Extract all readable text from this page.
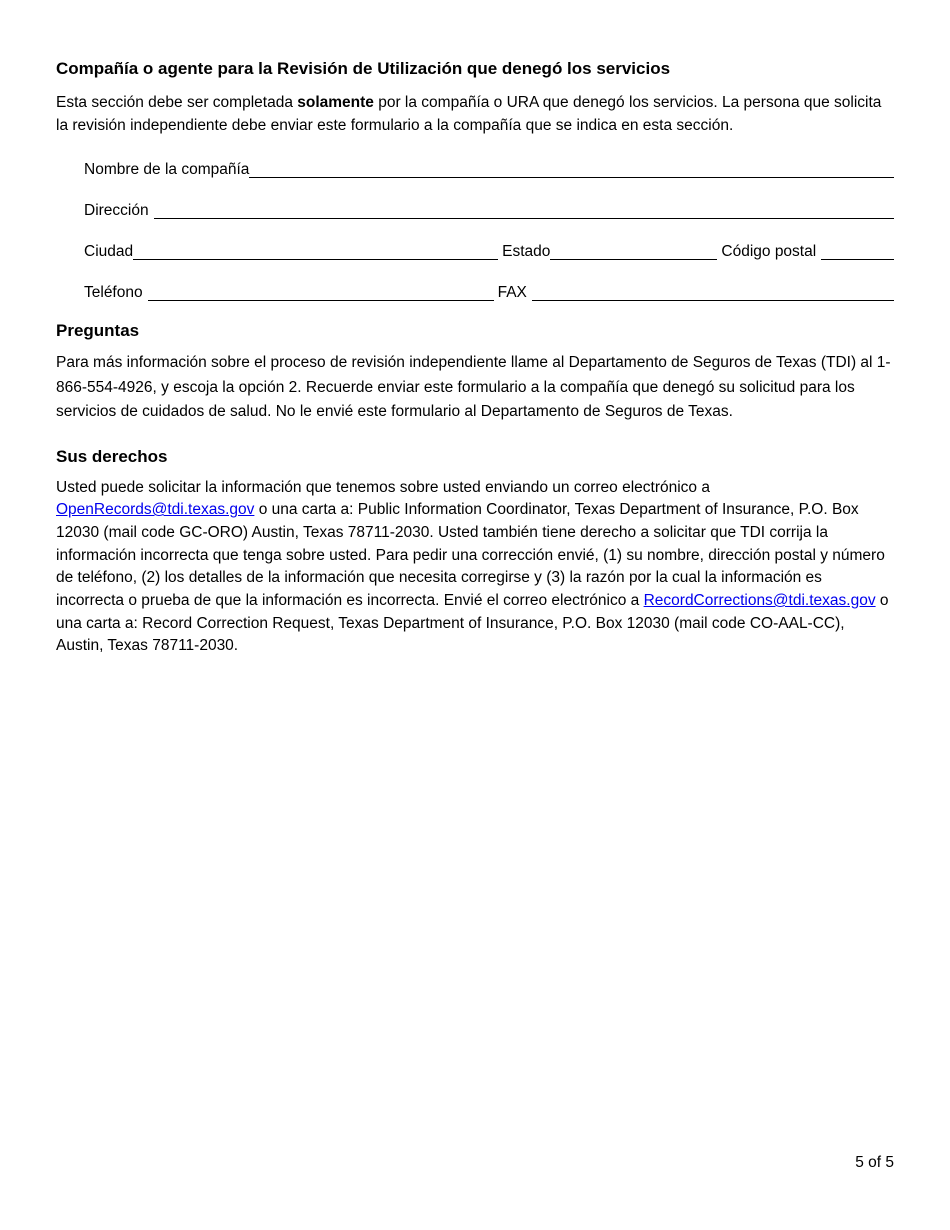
Compañía o agente para la Revisión de Utilización que denegó los servicios

Esta sección debe ser completada solamente por la compañía o URA que denegó los servicios. La persona que solicita la revisión independiente debe enviar este formulario a la compañía que se indica en esta sección.

Nombre de la compañía
Dirección
Ciudad	Estado	Código postal
Teléfono	FAX
Preguntas

Para más información sobre el proceso de revisión independiente llame al Departamento de Seguros de Texas (TDI) al 1-866-554-4926, y escoja la opción 2. Recuerde enviar este formulario a la compañía que denegó su solicitud para los servicios de cuidados de salud. No le envié este formulario al Departamento de Seguros de Texas.

Sus derechos

Usted puede solicitar la información que tenemos sobre usted enviando un correo electrónico a OpenRecords@tdi.texas.gov o una carta a: Public Information Coordinator, Texas Department of Insurance, P.O. Box 12030 (mail code GC-ORO) Austin, Texas 78711-2030. Usted también tiene derecho a solicitar que TDI corrija la información incorrecta que tenga sobre usted. Para pedir una corrección envié, (1) su nombre, dirección postal y número de teléfono, (2) los detalles de la información que necesita corregirse y (3) la razón por la cual la información es incorrecta o prueba de que la información es incorrecta. Envié el correo electrónico a RecordCorrections@tdi.texas.gov o una carta a: Record Correction Request, Texas Department of Insurance, P.O. Box 12030 (mail code CO-AAL-CC), Austin, Texas 78711-2030.

5 of 5
